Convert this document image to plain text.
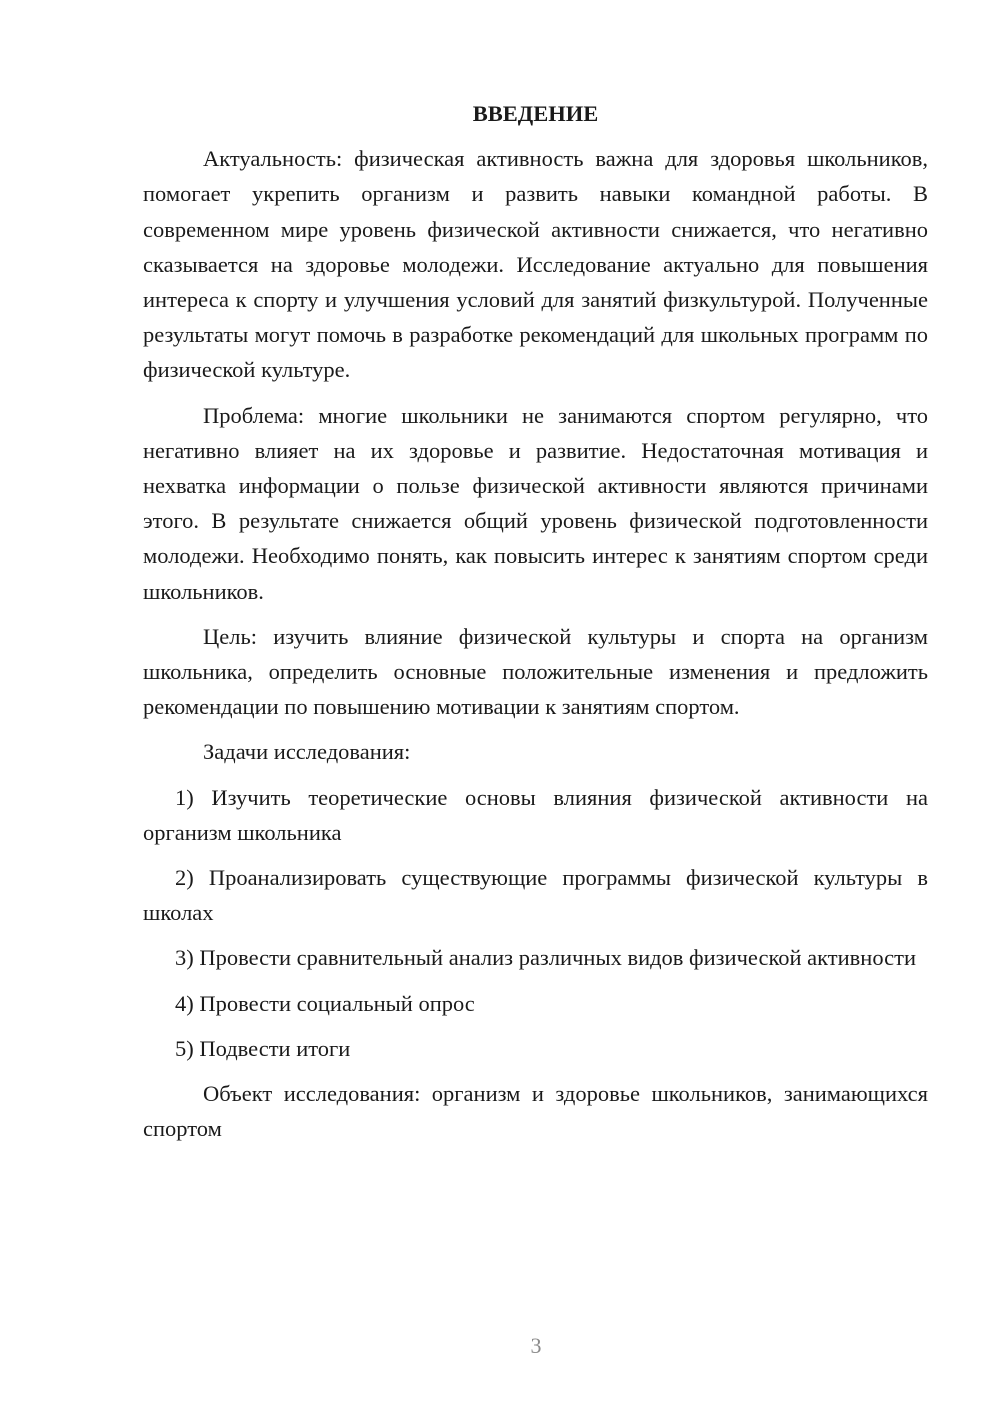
ВВЕДЕНИЕ

Актуальность: физическая активность важна для здоровья школьников, помогает укрепить организм и развить навыки командной работы. В современном мире уровень физической активности снижается, что негативно сказывается на здоровье молодежи. Исследование актуально для повышения интереса к спорту и улучшения условий для занятий физкультурой. Полученные результаты могут помочь в разработке рекомендаций для школьных программ по физической культуре.

Проблема: многие школьники не занимаются спортом регулярно, что негативно влияет на их здоровье и развитие. Недостаточная мотивация и нехватка информации о пользе физической активности являются причинами этого. В результате снижается общий уровень физической подготовленности молодежи. Необходимо понять, как повысить интерес к занятиям спортом среди школьников.

Цель: изучить влияние физической культуры и спорта на организм школьника, определить основные положительные изменения и предложить рекомендации по повышению мотивации к занятиям спортом.

Задачи исследования:

1) Изучить теоретические основы влияния физической активности на организм школьника

2) Проанализировать существующие программы физической культуры в школах

3) Провести сравнительный анализ различных видов физической активности

4) Провести социальный опрос

5) Подвести итоги

Объект исследования: организм и здоровье школьников, занимающихся спортом

3
